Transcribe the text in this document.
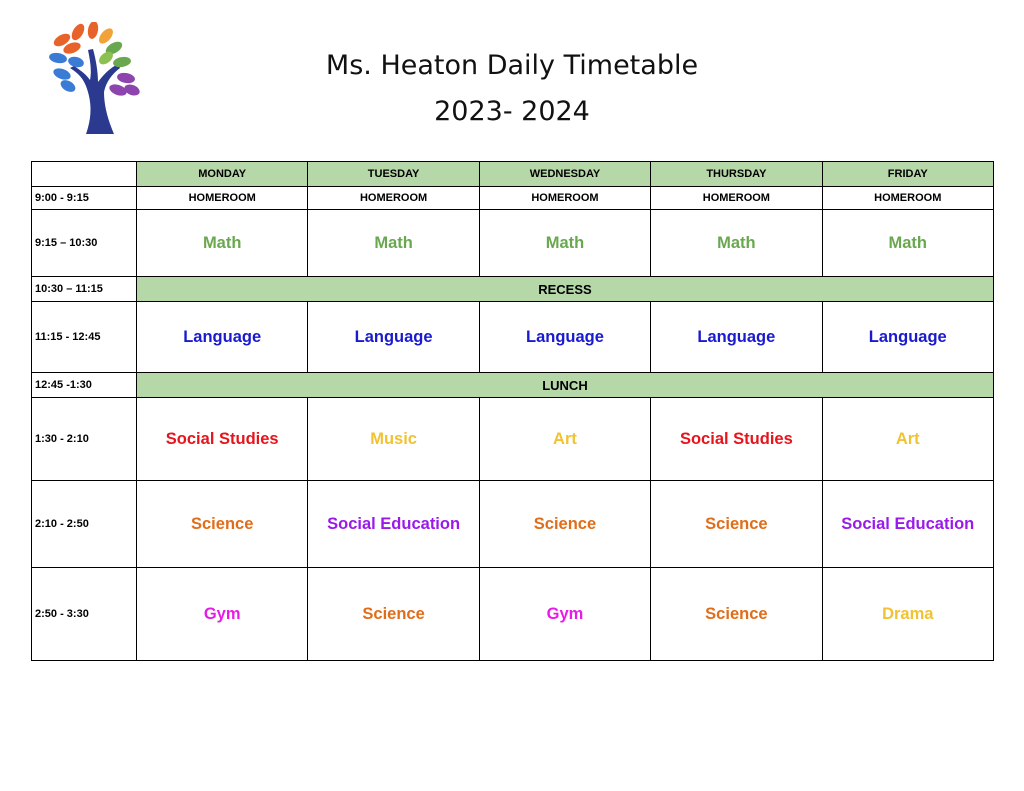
Ms. Heaton Daily Timetable
2023- 2024
	MONDAY	TUESDAY	WEDNESDAY	THURSDAY	FRIDAY
9:00 - 9:15	HOMEROOM	HOMEROOM	HOMEROOM	HOMEROOM	HOMEROOM
9:15 – 10:30	Math	Math	Math	Math	Math
10:30 – 11:15	RECESS				
11:15 - 12:45	Language	Language	Language	Language	Language
12:45 -1:30	LUNCH				
1:30 - 2:10	Social Studies	Music	Art	Social Studies	Art
2:10 - 2:50	Science	Social Education	Science	Science	Social Education
2:50 - 3:30	Gym	Science	Gym	Science	Drama
